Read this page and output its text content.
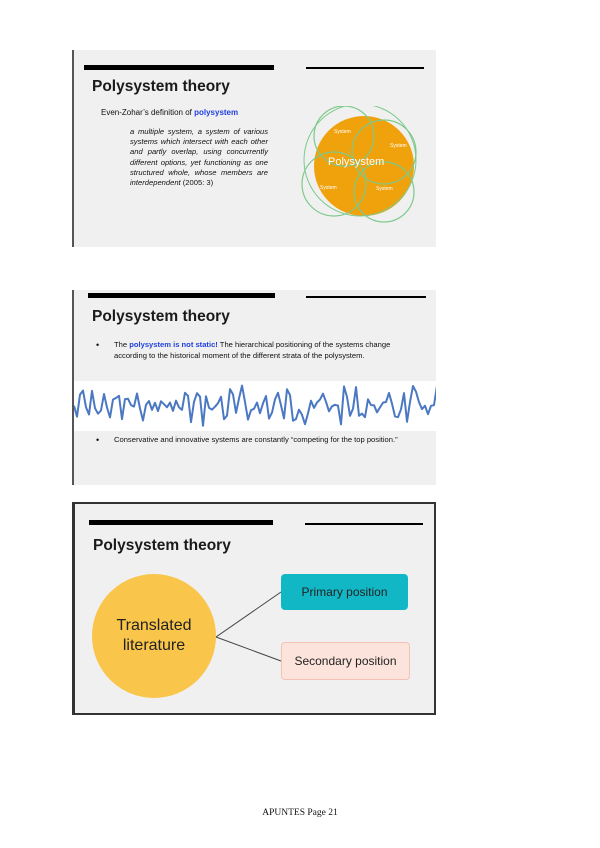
Polysystem theory
Even-Zohar’s definition of polysystem
a multiple system, a system of various systems which intersect with each other and partly overlap, using concurrently different options, yet functioning as one structured whole, whose members are interdependent (2005: 3)
System
System
System	System
Polysystem
Polysystem theory
•	The polysystem is not static! The hierarchical positioning of the systems change according to the historical moment of the different strata of the polysystem.
•	Conservative and innovative systems are constantly “competing for the top position.”
Polysystem theory
Translated
literature
Primary position
Secondary position
APUNTES Page 21
